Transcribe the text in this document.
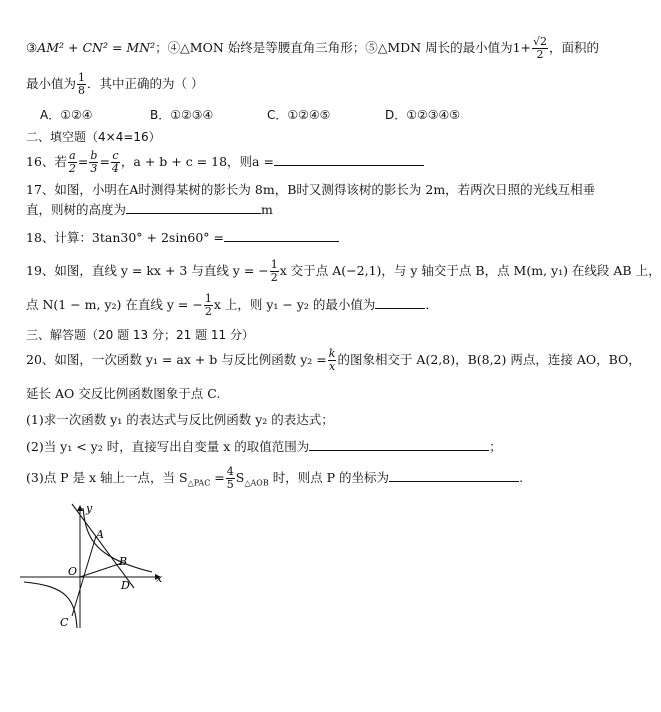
③AM² + CN² = MN²；④△MON 始终是等腰直角三角形；⑤△MDN 周长的最小值为$1+ \frac{√2}{2}$ ，面积的
最小值为 $\frac{1}{8}$ ．其中正确的为（ ）
A．①②④	B．①②③④	C．①②④⑤	D．①②③④⑤
二、填空题（4×4=16）
16、若 $\frac{a}{2} = \frac{b}{3} = \frac{c}{4}$ ，a + b + c = 18，则a =
17、如图，小明在A时测得某树的影长为 8m，B时又测得该树的影长为 2m，若两次日照的光线互相垂
直，则树的高度为	m
18、计算：3tan30° + 2sin60° =
19、如图，直线 y = kx + 3 与直线 y = − $\frac{1}{2}$ x 交于点 A(−2,1)，与 y 轴交于点 B，点 M(m, y₁) 在线段 AB 上，
点 N(1 − m, y₂) 在直线 y = − $\frac{1}{2}$ x 上，则 y₁ − y₂ 的最小值为	．
三、解答题（20 题 13 分；21 题 11 分）
20、如图，一次函数 y₁ = ax + b 与反比例函数 $y_2 = \frac{k}{x}$ 的图象相交于 A(2,8)，B(8,2) 两点，连接 AO，BO，
延长 AO 交反比例函数图象于点 C.
(1)求一次函数 y₁ 的表达式与反比例函数 y₂ 的表达式；
(2)当 y₁ < y₂ 时，直接写出自变量 x 的取值范围为	；
(3)点 P 是 x 轴上一点，当 $S_{\triangle PAC} = \frac{4}{5} S_{\triangle AOB}$ 时，则点 P 的坐标为	.
y
x
O
A
B
D
C
